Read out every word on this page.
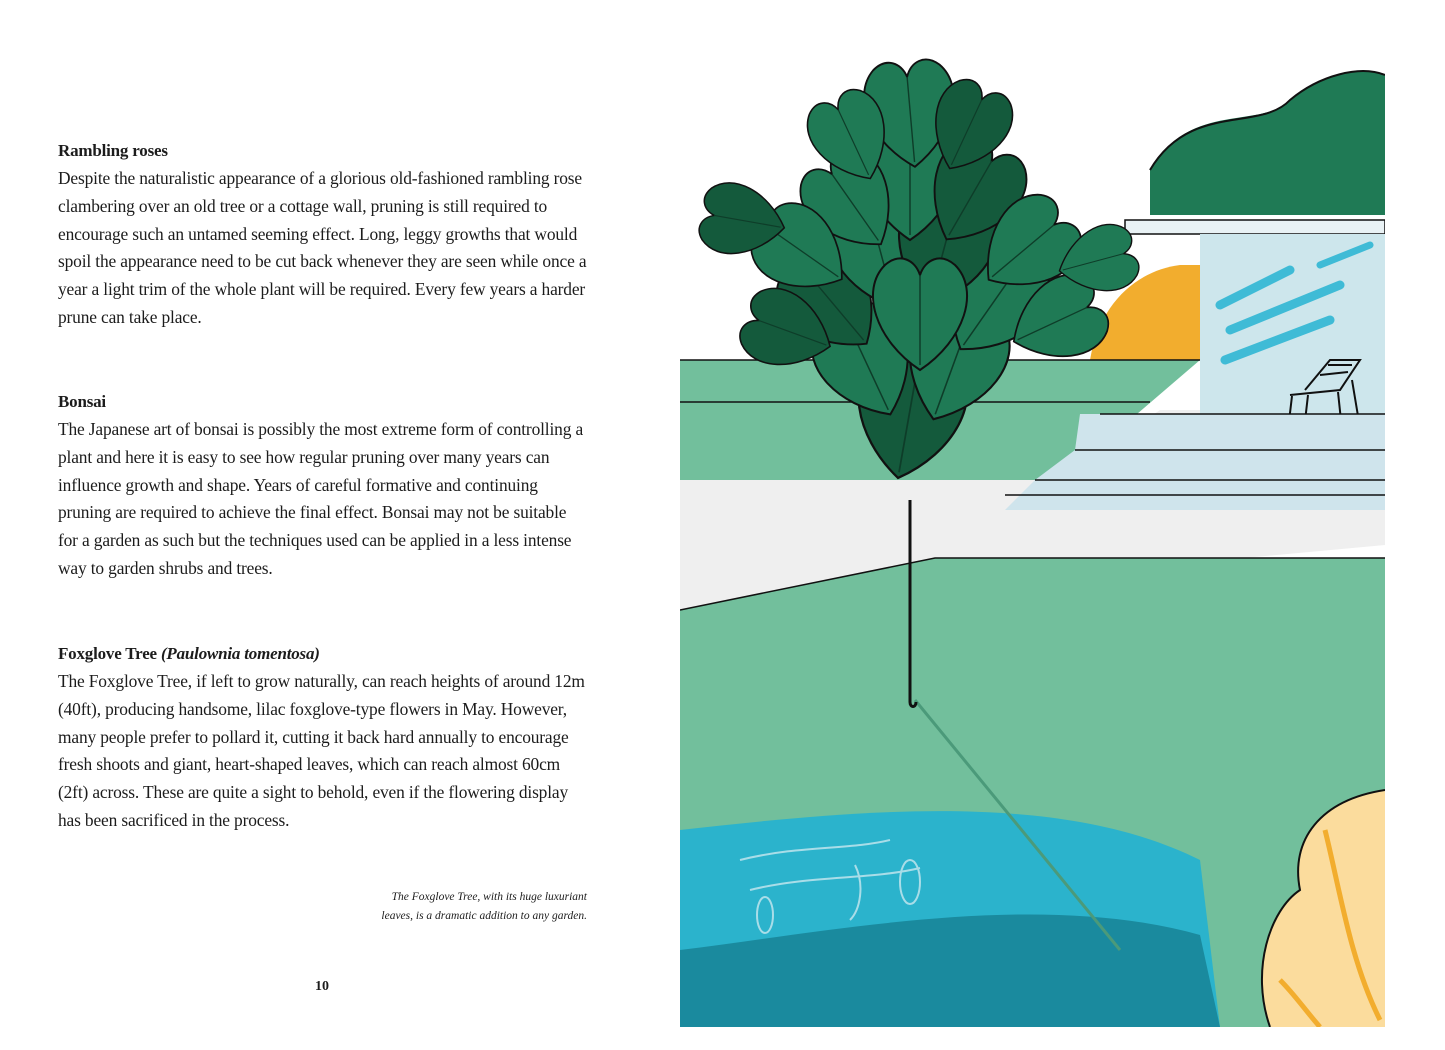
Rambling roses
Despite the naturalistic appearance of a glorious old-fashioned rambling rose clambering over an old tree or a cottage wall, pruning is still required to encourage such an untamed seeming effect. Long, leggy growths that would spoil the appearance need to be cut back whenever they are seen while once a year a light trim of the whole plant will be required. Every few years a harder prune can take place.
Bonsai
The Japanese art of bonsai is possibly the most extreme form of controlling a plant and here it is easy to see how regular pruning over many years can influence growth and shape. Years of careful formative and continuing pruning are required to achieve the final effect. Bonsai may not be suitable for a garden as such but the techniques used can be applied in a less intense way to garden shrubs and trees.
Foxglove Tree (Paulownia tomentosa)
The Foxglove Tree, if left to grow naturally, can reach heights of around 12m (40ft), producing handsome, lilac foxglove-type flowers in May. However, many people prefer to pollard it, cutting it back hard annually to encourage fresh shoots and giant, heart-shaped leaves, which can reach almost 60cm (2ft) across. These are quite a sight to behold, even if the flowering display has been sacrificed in the process.
The Foxglove Tree, with its huge luxuriant leaves, is a dramatic addition to any garden.
10
